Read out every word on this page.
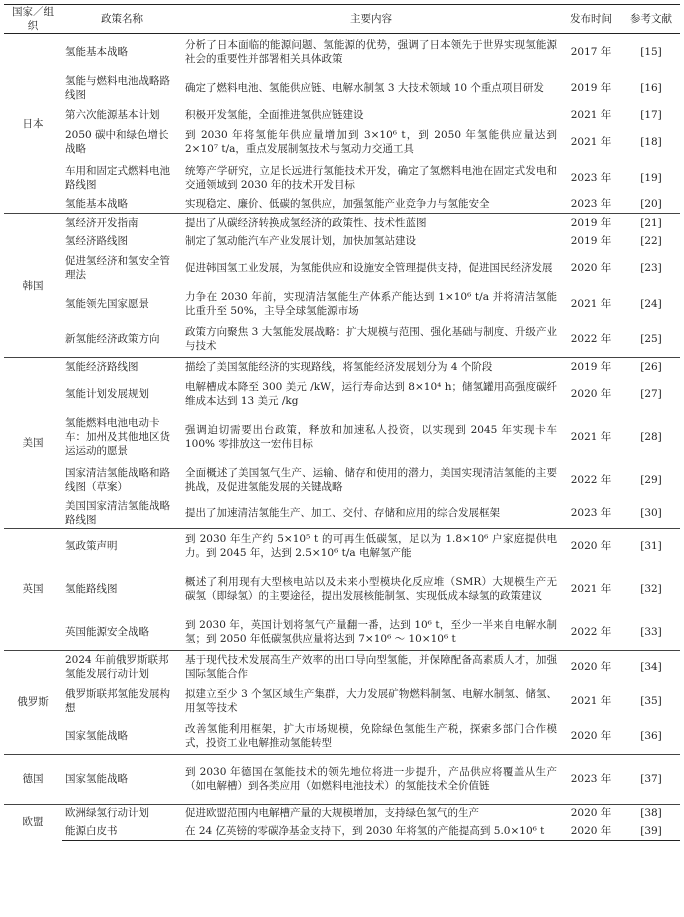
国家／组织	政策名称	主要内容	发布时间	参考文献
日本	氢能基本战略	分析了日本面临的能源问题、氢能源的优势，强调了日本领先于世界实现氢能源社会的重要性并部署相关具体政策	2017 年	[15]
	氢能与燃料电池战略路线图	确定了燃料电池、氢能供应链、电解水制氢 3 大技术领域 10 个重点项目研发	2019 年	[16]
	第六次能源基本计划	积极开发氢能，全面推进氢供应链建设	2021 年	[17]
	2050 碳中和绿色增长战略	到 2030 年将氢能年供应量增加到 3×10⁶ t，到 2050 年氢能供应量达到 2×10⁷ t/a，重点发展制氢技术与氢动力交通工具	2021 年	[18]
	车用和固定式燃料电池路线图	统筹产学研究，立足长远进行氢能技术开发，确定了氢燃料电池在固定式发电和交通领域到 2030 年的技术开发目标	2023 年	[19]
	氢能基本战略	实现稳定、廉价、低碳的氢供应，加强氢能产业竞争力与氢能安全	2023 年	[20]
韩国	氢经济开发指南	提出了从碳经济转换成氢经济的政策性、技术性蓝图	2019 年	[21]
	氢经济路线图	制定了氢动能汽车产业发展计划，加快加氢站建设	2019 年	[22]
	促进氢经济和氢安全管理法	促进韩国氢工业发展，为氢能供应和设施安全管理提供支持，促进国民经济发展	2020 年	[23]
	氢能领先国家愿景	力争在 2030 年前，实现清洁氢能生产体系产能达到 1×10⁶ t/a 并将清洁氢能比重升至 50%，主导全球氢能源市场	2021 年	[24]
	新氢能经济政策方向	政策方向聚焦 3 大氢能发展战略：扩大规模与范围、强化基础与制度、升级产业与技术	2022 年	[25]
美国	氢能经济路线图	描绘了美国氢能经济的实现路线，将氢能经济发展划分为 4 个阶段	2019 年	[26]
	氢能计划发展规划	电解槽成本降至 300 美元 /kW，运行寿命达到 8×10⁴ h；储氢罐用高强度碳纤维成本达到 13 美元 /kg	2020 年	[27]
	氢能燃料电池电动卡车：加州及其他地区货运运动的愿景	强调迫切需要出台政策，释放和加速私人投资，以实现到 2045 年实现卡车 100% 零排放这一宏伟目标	2021 年	[28]
	国家清洁氢能战略和路线图（草案）	全面概述了美国氢气生产、运输、储存和使用的潜力，美国实现清洁氢能的主要挑战，及促进氢能发展的关键战略	2022 年	[29]
	美国国家清洁氢能战略路线图	提出了加速清洁氢能生产、加工、交付、存储和应用的综合发展框架	2023 年	[30]
英国	氢政策声明	到 2030 年生产约 5×10⁵ t 的可再生低碳氢，足以为 1.8×10⁶ 户家庭提供电力。到 2045 年，达到 2.5×10⁶ t/a 电解氢产能	2020 年	[31]
	氢能路线图	概述了利用现有大型核电站以及未来小型模块化反应堆（SMR）大规模生产无碳氢（即绿氢）的主要途径，提出发展核能制氢、实现低成本绿氢的政策建议	2021 年	[32]
	英国能源安全战略	到 2030 年，英国计划将氢气产量翻一番，达到 10⁶ t，至少一半来自电解水制氢；到 2050 年低碳氢供应量将达到 7×10⁶ ～ 10×10⁶ t	2022 年	[33]
俄罗斯	2024 年前俄罗斯联邦氢能发展行动计划	基于现代技术发展高生产效率的出口导向型氢能，并保障配备高素质人才，加强国际氢能合作	2020 年	[34]
	俄罗斯联邦氢能发展构想	拟建立至少 3 个氢区域生产集群，大力发展矿物燃料制氢、电解水制氢、储氢、用氢等技术	2021 年	[35]
	国家氢能战略	改善氢能利用框架，扩大市场规模，免除绿色氢能生产税，探索多部门合作模式，投资工业电解推动氢能转型	2020 年	[36]
德国	国家氢能战略	到 2030 年德国在氢能技术的领先地位将进一步提升，产品供应将覆盖从生产（如电解槽）到各类应用（如燃料电池技术）的氢能技术全价值链	2023 年	[37]
欧盟	欧洲绿氢行动计划	促进欧盟范围内电解槽产量的大规模增加，支持绿色氢气的生产	2020 年	[38]
	能源白皮书	在 24 亿英镑的零碳净基金支持下，到 2030 年将氢的产能提高到 5.0×10⁶ t	2020 年	[39]
